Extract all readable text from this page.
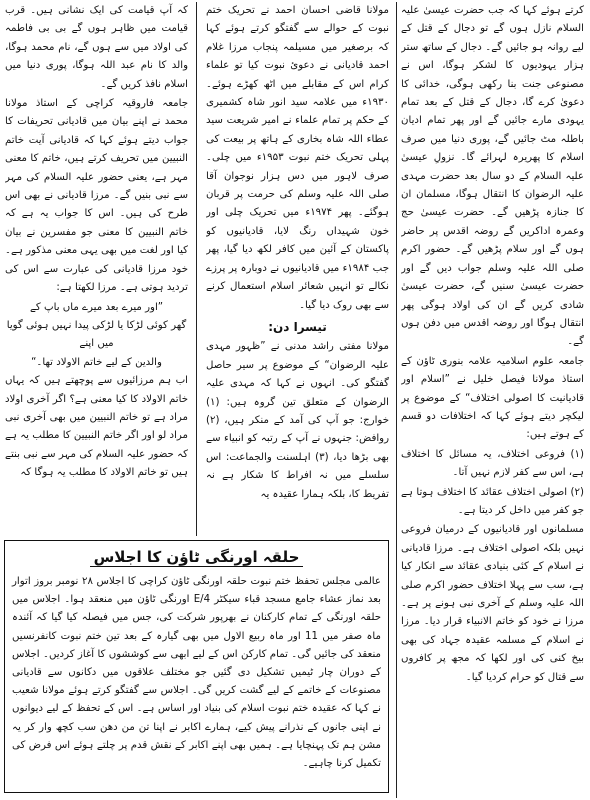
کرتے ہوئے کہا کہ جب حضرت عیسیٰ علیہ السلام نازل ہوں گے تو دجال کے قتل کے لیے روانہ ہو جائیں گے۔ دجال کے ساتھ ستر ہزار یہودیوں کا لشکر ہوگا، اس نے مصنوعی جنت بنا رکھی ہوگی، خدائی کا دعویٰ کرے گا، دجال کے قتل کے بعد تمام یہودی مارے جائیں گے اور پھر تمام ادیان باطلہ مٹ جائیں گے، پوری دنیا میں صرف اسلام کا پھریرہ لہرائے گا۔ نزولِ عیسیٰ علیہ السلام کے دو سال بعد حضرت مہدی علیہ الرضوان کا انتقال ہوگا، مسلمان ان کا جنازہ پڑھیں گے۔ حضرت عیسیٰ حج وعمرہ اداکریں گے روضہ اقدس پر حاضر ہوں گے اور سلام پڑھیں گے۔ حضور اکرم صلی اللہ علیہ وسلم جواب دیں گے اور حضرت عیسیٰ سنیں گے، حضرت عیسیٰ شادی کریں گے ان کی اولاد ہوگی پھر انتقال ہوگا اور روضہ اقدس میں دفن ہوں گے۔

جامعہ علوم اسلامیہ علامہ بنوری ٹاؤن کے استاذ مولانا فیصل خلیل نے ”اسلام اور قادیانیت کا اصولی اختلاف“ کے موضوع پر لیکچر دیتے ہوئے کہا کہ اختلافات دو قسم کے ہوتے ہیں:

(۱) فروعی اختلاف، یہ مسائل کا اختلاف ہے، اس سے کفر لازم نہیں آتا۔

(۲) اصولی اختلاف عقائد کا اختلاف ہوتا ہے جو کفر میں داخل کر دیتا ہے۔

مسلمانوں اور قادیانیوں کے درمیان فروعی نہیں بلکہ اصولی اختلاف ہے۔ مرزا قادیانی نے اسلام کے کئی بنیادی عقائد سے انکار کیا ہے، سب سے پہلا اختلاف حضور اکرم صلی اللہ علیہ وسلم کے آخری نبی ہونے پر ہے۔ مرزا نے خود کو خاتم الانبیاء قرار دیا۔ مرزا نے اسلام کے مسلمہ عقیدہ جہاد کی بھی بیخ کنی کی اور لکھا کہ مجھ پر کافروں سے قتال کو حرام کردیا گیا۔

مولانا قاضی احسان احمد نے تحریک ختم نبوت کے حوالے سے گفتگو کرتے ہوئے کہا کہ برصغیر میں مسیلمہ پنجاب مرزا غلام احمد قادیانی نے دعوئ نبوت کیا تو علماء کرام اس کے مقابلے میں اٹھ کھڑے ہوئے۔ ۱۹۳۰ء میں علامہ سید انور شاہ کشمیری کے حکم پر تمام علماء نے امیر شریعت سید عطاء اللہ شاہ بخاری کے ہاتھ پر بیعت کی پہلی تحریک ختم نبوت ۱۹۵۳ء میں چلی۔ صرف لاہور میں دس ہزار نوجوان آقا صلی اللہ علیہ وسلم کی حرمت پر قربان ہوگئے۔ پھر ۱۹۷۴ء میں تحریک چلی اور خون شہیداں رنگ لایا، قادیانیوں کو پاکستان کے آئین میں کافر لکھ دیا گیا، پھر جب ۱۹۸۴ء میں قادیانیوں نے دوبارہ پر پرزے نکالے تو انہیں شعائر اسلام استعمال کرنے سے بھی روک دیا گیا۔

تیسرا دن:

مولانا مفتی راشد مدنی نے ”ظہور مہدی علیہ الرضوان“ کے موضوع پر سیر حاصل گفتگو کی۔ انہوں نے کہا کہ مہدی علیہ الرضوان کے متعلق تین گروہ ہیں: (۱) خوارج: جو آپ کی آمد کے منکر ہیں، (۲) روافض: جنہوں نے آپ کے رتبہ کو انبیاء سے بھی بڑھا دیا، (۳) اہلسنت والجماعت: اس سلسلے میں نہ افراط کا شکار ہے نہ تفریط کا، بلکہ ہمارا عقیدہ یہ

کہ آپ قیامت کی ایک نشانی ہیں۔ قرب قیامت میں ظاہر ہوں گے بی بی فاطمہ کی اولاد میں سے ہوں گے، نام محمد ہوگا، والد کا نام عبد اللہ ہوگا، پوری دنیا میں اسلام نافذ کریں گے۔

جامعہ فاروقیہ کراچی کے استاذ مولانا محمد نے اپنے بیان میں قادیانی تحریفات کا جواب دیتے ہوئے کہا کہ قادیانی آیت خاتم النبیین میں تحریف کرتے ہیں، خاتم کا معنی مہر ہے، یعنی حضور علیہ السلام کی مہر سے نبی بنیں گے۔ مرزا قادیانی نے بھی اس طرح کی ہیں۔ اس کا جواب یہ ہے کہ خاتم النبیین کا معنی جو مفسرین نے بیان کیا اور لغت میں بھی یہی معنی مذکور ہے۔ خود مرزا قادیانی کی عبارت سے اس کی تردید ہوتی ہے۔ مرزا لکھتا ہے:

”اور میرے بعد میرے ماں باپ کے

گھر کوئی لڑکا یا لڑکی پیدا نہیں ہوئی گویا میں اپنے

والدین کے لیے خاتم الاولاد تھا۔“

اب ہم مرزائیوں سے پوچھتے ہیں کہ یہاں خاتم الاولاد کا کیا معنی ہے؟ اگر آخری اولاد مراد ہے تو خاتم النبیین میں بھی آخری نبی مراد لو اور اگر خاتم النبیین کا مطلب یہ ہے کہ حضور علیہ السلام کی مہر سے نبی بنتے ہیں تو خاتم الاولاد کا مطلب یہ ہوگا کہ

حلقہ اورنگی ٹاؤن کا اجلاس

عالمی مجلس تحفظ ختم نبوت حلقہ اورنگی ٹاؤن کراچی کا اجلاس ۲۸ نومبر بروز اتوار بعد نماز عشاء جامع مسجد قباء سیکٹر 4/E اورنگی ٹاؤن میں منعقد ہوا۔ اجلاس میں حلقہ اورنگی کے تمام کارکنان نے بھرپور شرکت کی، جس میں فیصلہ کیا گیا کہ آئندہ ماہ صفر میں 11 اور ماہ ربیع الاول میں بھی گیارہ کے بعد تین ختم نبوت کانفرنسیں منعقد کی جائیں گی۔ تمام کارکن اس کے لیے ابھی سے کوششوں کا آغاز کردیں۔ اجلاس کے دوران چار ٹیمیں تشکیل دی گئیں جو مختلف علاقوں میں دکانوں سے قادیانی مصنوعات کے خاتمے کے لیے گشت کریں گی۔ اجلاس سے گفتگو کرتے ہوئے مولانا شعیب نے کہا کہ عقیدہ ختم نبوت اسلام کی بنیاد اور اساس ہے۔ اس کے تحفظ کے لیے دیوانوں نے اپنی جانوں کے نذرانے پیش کیے، ہمارے اکابر نے اپنا تن من دھن سب کچھ وار کر یہ مشن ہم تک پہنچایا ہے۔ ہمیں بھی اپنے اکابر کے نقش قدم پر چلتے ہوئے اس فرض کی تکمیل کرنا چاہیے۔
